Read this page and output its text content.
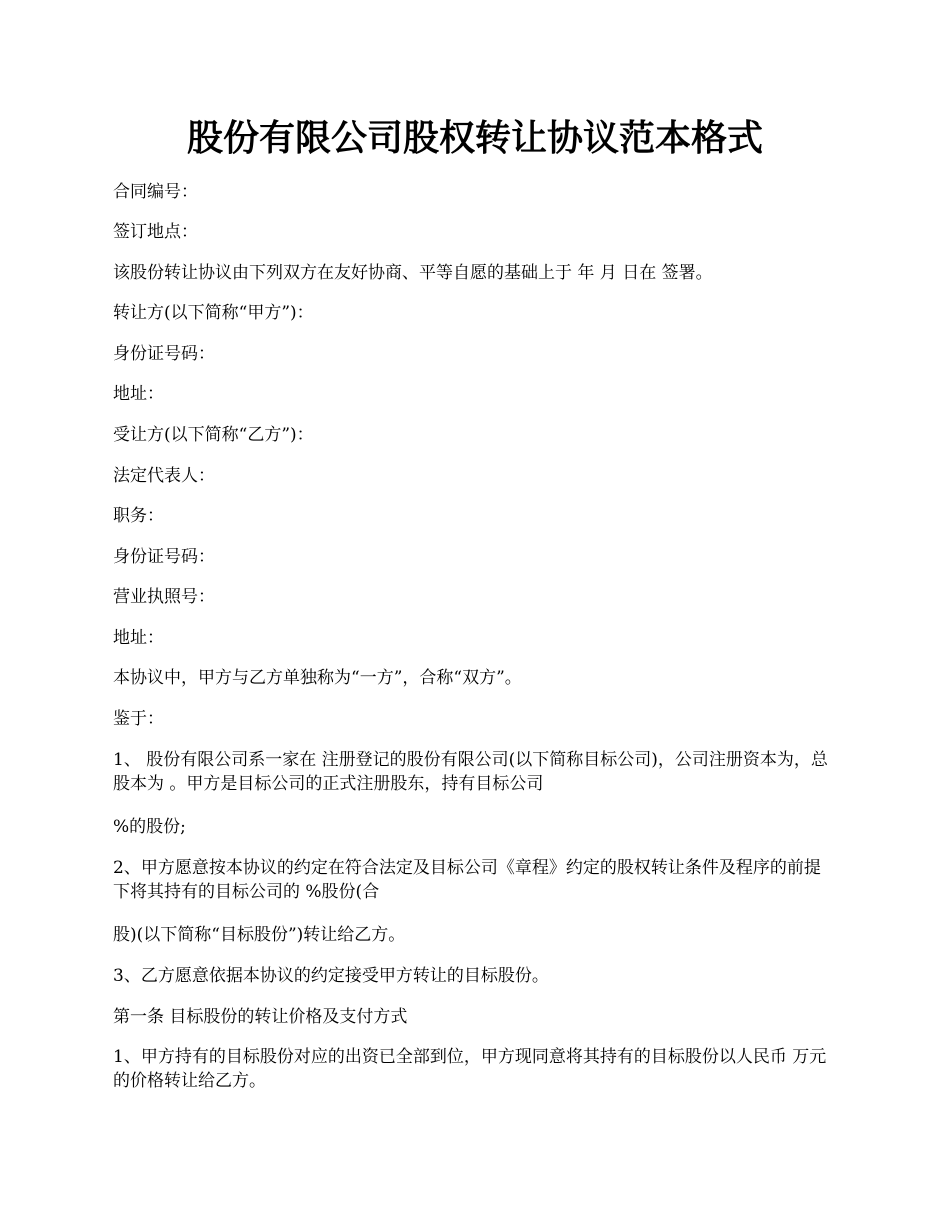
股份有限公司股权转让协议范本格式

合同编号：

签订地点：

该股份转让协议由下列双方在友好协商、平等自愿的基础上于 年 月 日在 签署。

转让方(以下简称“甲方”)：

身份证号码：

地址：

受让方(以下简称“乙方”)：

法定代表人：

职务：

身份证号码：

营业执照号：

地址：

本协议中，甲方与乙方单独称为“一方”，合称“双方”。

鉴于：

1、 股份有限公司系一家在 注册登记的股份有限公司(以下简称目标公司)，公司注册资本为，总股本为 。甲方是目标公司的正式注册股东，持有目标公司

%的股份;

2、甲方愿意按本协议的约定在符合法定及目标公司《章程》约定的股权转让条件及程序的前提下将其持有的目标公司的 %股份(合

股)(以下简称“目标股份”)转让给乙方。

3、乙方愿意依据本协议的约定接受甲方转让的目标股份。

第一条 目标股份的转让价格及支付方式

1、甲方持有的目标股份对应的出资已全部到位，甲方现同意将其持有的目标股份以人民币 万元的价格转让给乙方。
